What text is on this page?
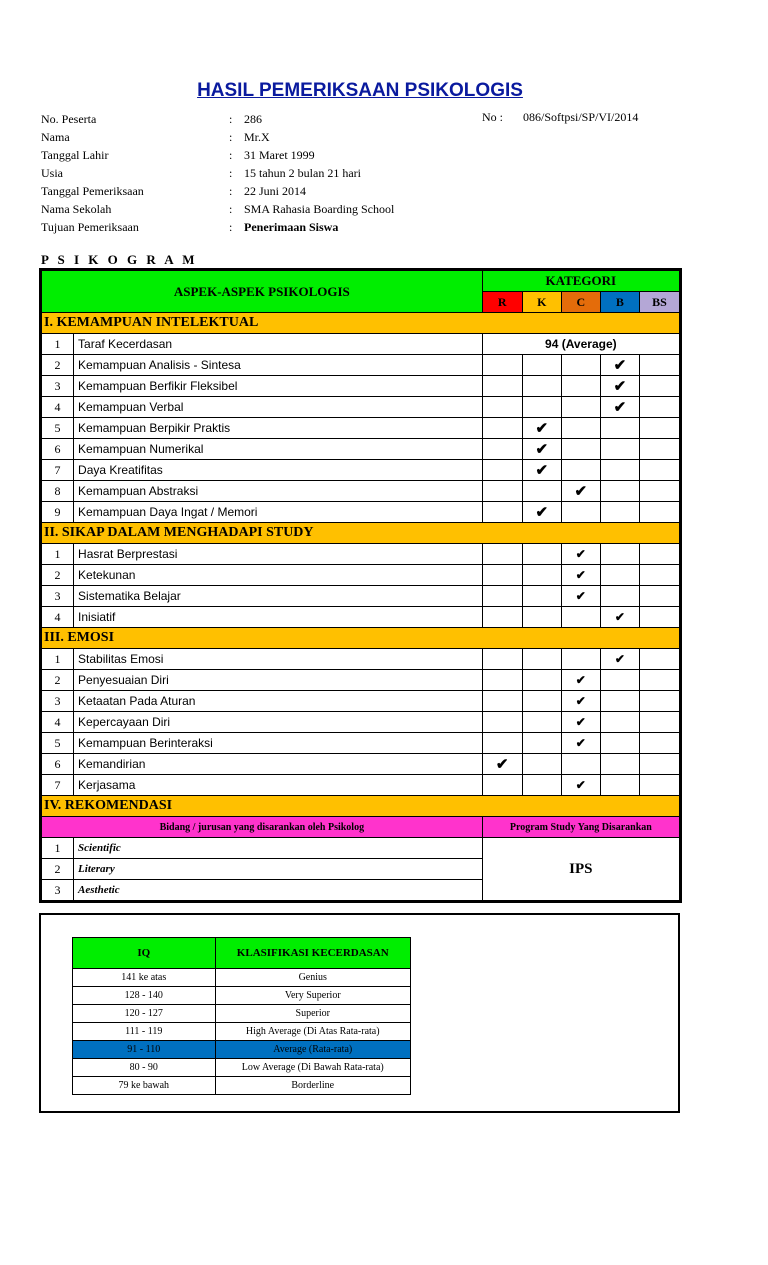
HASIL PEMERIKSAAN PSIKOLOGIS
No. Peserta	: 286
Nama	: Mr.X
Tanggal Lahir	: 31 Maret 1999
Usia	: 15 tahun 2 bulan 21 hari
Tanggal Pemeriksaan	: 22 Juni 2014
Nama Sekolah	: SMA Rahasia Boarding School
Tujuan Pemeriksaan	: Penerimaan Siswa
No : 086/Softpsi/SP/VI/2014
P S I K O G R A M
ASPEK-ASPEK PSIKOLOGIS		KATEGORI				
		R	K	C	B	BS
I. KEMAMPUAN INTELEKTUAL						
1	Taraf Kecerdasan	94 (Average)				
2	Kemampuan Analisis - Sintesa				✔	
3	Kemampuan Berfikir Fleksibel				✔	
4	Kemampuan Verbal				✔	
5	Kemampuan Berpikir Praktis		✔			
6	Kemampuan Numerikal		✔			
7	Daya Kreatifitas		✔			
8	Kemampuan Abstraksi			✔		
9	Kemampuan Daya Ingat / Memori		✔			
II. SIKAP DALAM MENGHADAPI STUDY						
1	Hasrat Berprestasi			✔		
2	Ketekunan			✔		
3	Sistematika Belajar			✔		
4	Inisiatif				✔	
III. EMOSI						
1	Stabilitas Emosi				✔	
2	Penyesuaian Diri			✔		
3	Ketaatan Pada Aturan			✔		
4	Kepercayaan Diri			✔		
5	Kemampuan Berinteraksi			✔		
6	Kemandirian	✔				
7	Kerjasama			✔		
IV. REKOMENDASI						
Bidang / jurusan yang disarankan oleh Psikolog		Program Study Yang Disarankan				
1	Scientific	IPS				
2	Literary					
3	Aesthetic					
IQ	KLASIFIKASI KECERDASAN
141 ke atas	Genius
128 - 140	Very Superior
120 - 127	Superior
111 - 119	High Average (Di Atas Rata-rata)
91 - 110	Average (Rata-rata)
80 - 90	Low Average (Di Bawah Rata-rata)
79 ke bawah	Borderline
